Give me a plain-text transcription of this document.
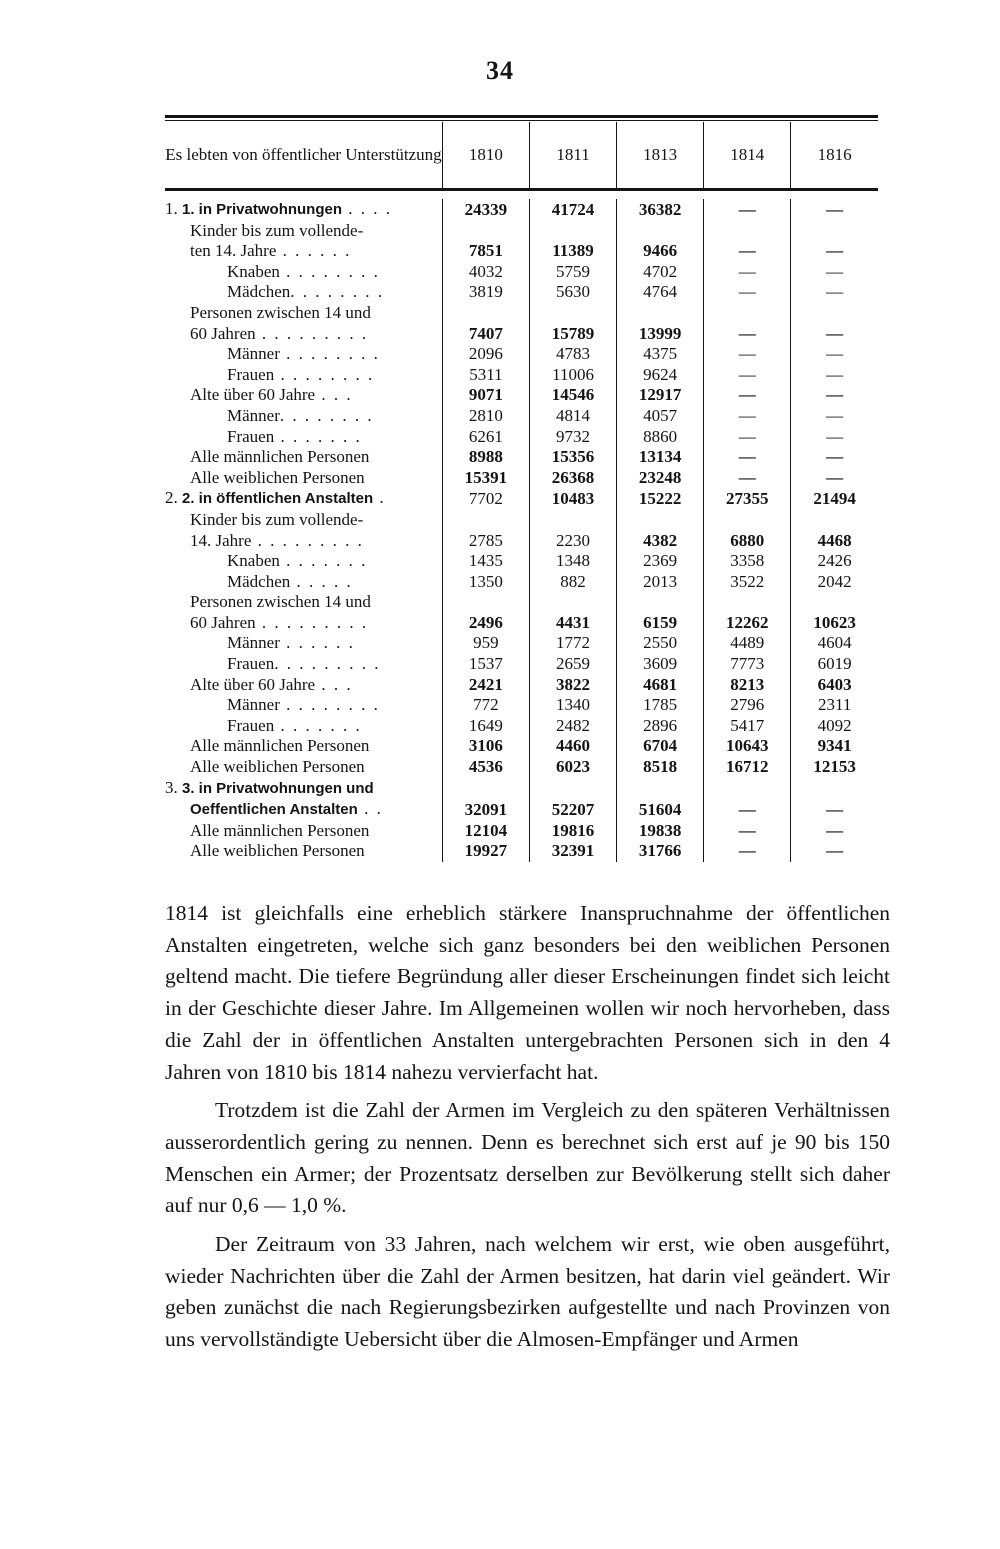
34
Es lebten von öffentlicher Unterstützung	1810	1811	1813	1814	1816

1. 1. in Privatwohnungen . . . .	24339	41724	36382	—	—

Kinder bis zum vollende-					

ten 14. Jahre . . . . . .	7851	11389	9466	—	—

Knaben . . . . . . . .	4032	5759	4702	—	—

Mädchen. . . . . . . .	3819	5630	4764	—	—

Personen zwischen 14 und					

60 Jahren . . . . . . . . .	7407	15789	13999	—	—

Männer . . . . . . . .	2096	4783	4375	—	—

Frauen . . . . . . . .	5311	11006	9624	—	—

Alte über 60 Jahre . . .	9071	14546	12917	—	—

Männer. . . . . . . .	2810	4814	4057	—	—

Frauen . . . . . . .	6261	9732	8860	—	—

Alle männlichen Personen	8988	15356	13134	—	—

Alle weiblichen Personen	15391	26368	23248	—	—

2. 2. in öffentlichen Anstalten .	7702	10483	15222	27355	21494

Kinder bis zum vollende-					

14. Jahre . . . . . . . . .	2785	2230	4382	6880	4468

Knaben . . . . . . .	1435	1348	2369	3358	2426

Mädchen . . . . .	1350	882	2013	3522	2042

Personen zwischen 14 und					

60 Jahren . . . . . . . . .	2496	4431	6159	12262	10623

Männer . . . . . .	959	1772	2550	4489	4604

Frauen. . . . . . . . .	1537	2659	3609	7773	6019

Alte über 60 Jahre . . .	2421	3822	4681	8213	6403

Männer . . . . . . . .	772	1340	1785	2796	2311

Frauen . . . . . . .	1649	2482	2896	5417	4092

Alle männlichen Personen	3106	4460	6704	10643	9341

Alle weiblichen Personen	4536	6023	8518	16712	12153

3. 3. in Privatwohnungen und					

Oeffentlichen Anstalten . .	32091	52207	51604	—	—

Alle männlichen Personen	12104	19816	19838	—	—

Alle weiblichen Personen	19927	32391	31766	—	—

1814 ist gleichfalls eine erheblich stärkere Inanspruchnahme der öffentlichen Anstalten eingetreten, welche sich ganz besonders bei den weiblichen Personen geltend macht. Die tiefere Begründung aller dieser Erscheinungen findet sich leicht in der Geschichte dieser Jahre. Im Allgemeinen wollen wir noch hervorheben, dass die Zahl der in öffentlichen Anstalten untergebrachten Personen sich in den 4 Jahren von 1810 bis 1814 nahezu vervierfacht hat.

Trotzdem ist die Zahl der Armen im Vergleich zu den späteren Verhältnissen ausserordentlich gering zu nennen. Denn es berechnet sich erst auf je 90 bis 150 Menschen ein Armer; der Prozentsatz derselben zur Bevölkerung stellt sich daher auf nur 0,6 — 1,0 %.

Der Zeitraum von 33 Jahren, nach welchem wir erst, wie oben ausgeführt, wieder Nachrichten über die Zahl der Armen besitzen, hat darin viel geändert. Wir geben zunächst die nach Regierungsbezirken aufgestellte und nach Provinzen von uns vervollständigte Uebersicht über die Almosen-Empfänger und Armen
